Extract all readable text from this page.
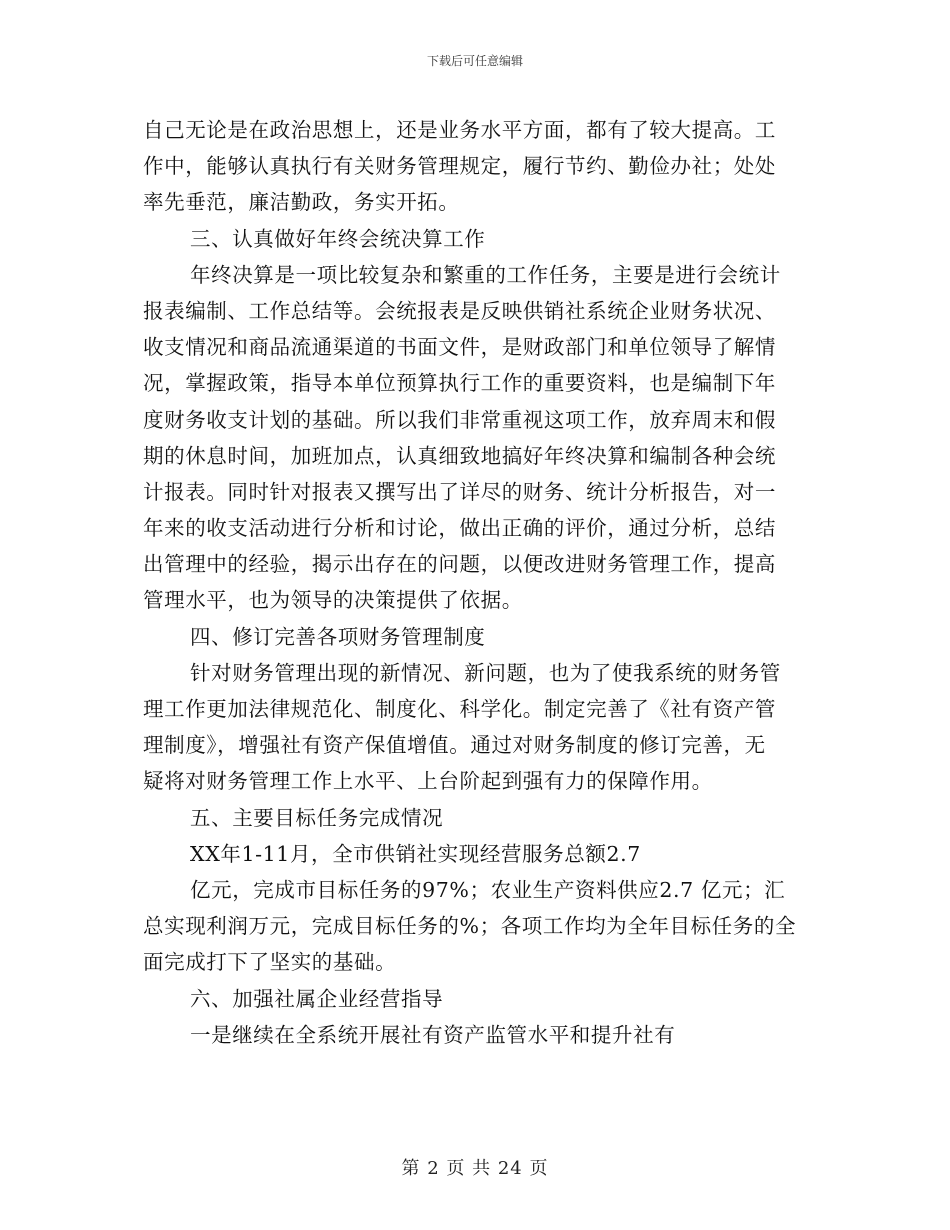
下载后可任意编辑
自己无论是在政治思想上，还是业务水平方面，都有了较大提高。工
作中，能够认真执行有关财务管理规定，履行节约、勤俭办社；处处
率先垂范，廉洁勤政，务实开拓。
三、认真做好年终会统决算工作
年终决算是一项比较复杂和繁重的工作任务，主要是进行会统计
报表编制、工作总结等。会统报表是反映供销社系统企业财务状况、
收支情况和商品流通渠道的书面文件，是财政部门和单位领导了解情
况，掌握政策，指导本单位预算执行工作的重要资料，也是编制下年
度财务收支计划的基础。所以我们非常重视这项工作，放弃周末和假
期的休息时间，加班加点，认真细致地搞好年终决算和编制各种会统
计报表。同时针对报表又撰写出了详尽的财务、统计分析报告，对一
年来的收支活动进行分析和讨论，做出正确的评价，通过分析，总结
出管理中的经验，揭示出存在的问题，以便改进财务管理工作，提高
管理水平，也为领导的决策提供了依据。
四、修订完善各项财务管理制度
针对财务管理出现的新情况、新问题，也为了使我系统的财务管
理工作更加法律规范化、制度化、科学化。制定完善了《社有资产管
理制度》，增强社有资产保值增值。通过对财务制度的修订完善，无
疑将对财务管理工作上水平、上台阶起到强有力的保障作用。
五、主要目标任务完成情况
XX年1-11月，全市供销社实现经营服务总额2.7
亿元，完成市目标任务的97%；农业生产资料供应2.7 亿元；汇
总实现利润万元，完成目标任务的%；各项工作均为全年目标任务的全
面完成打下了坚实的基础。
六、加强社属企业经营指导
一是继续在全系统开展社有资产监管水平和提升社有
第 2 页 共 24 页
